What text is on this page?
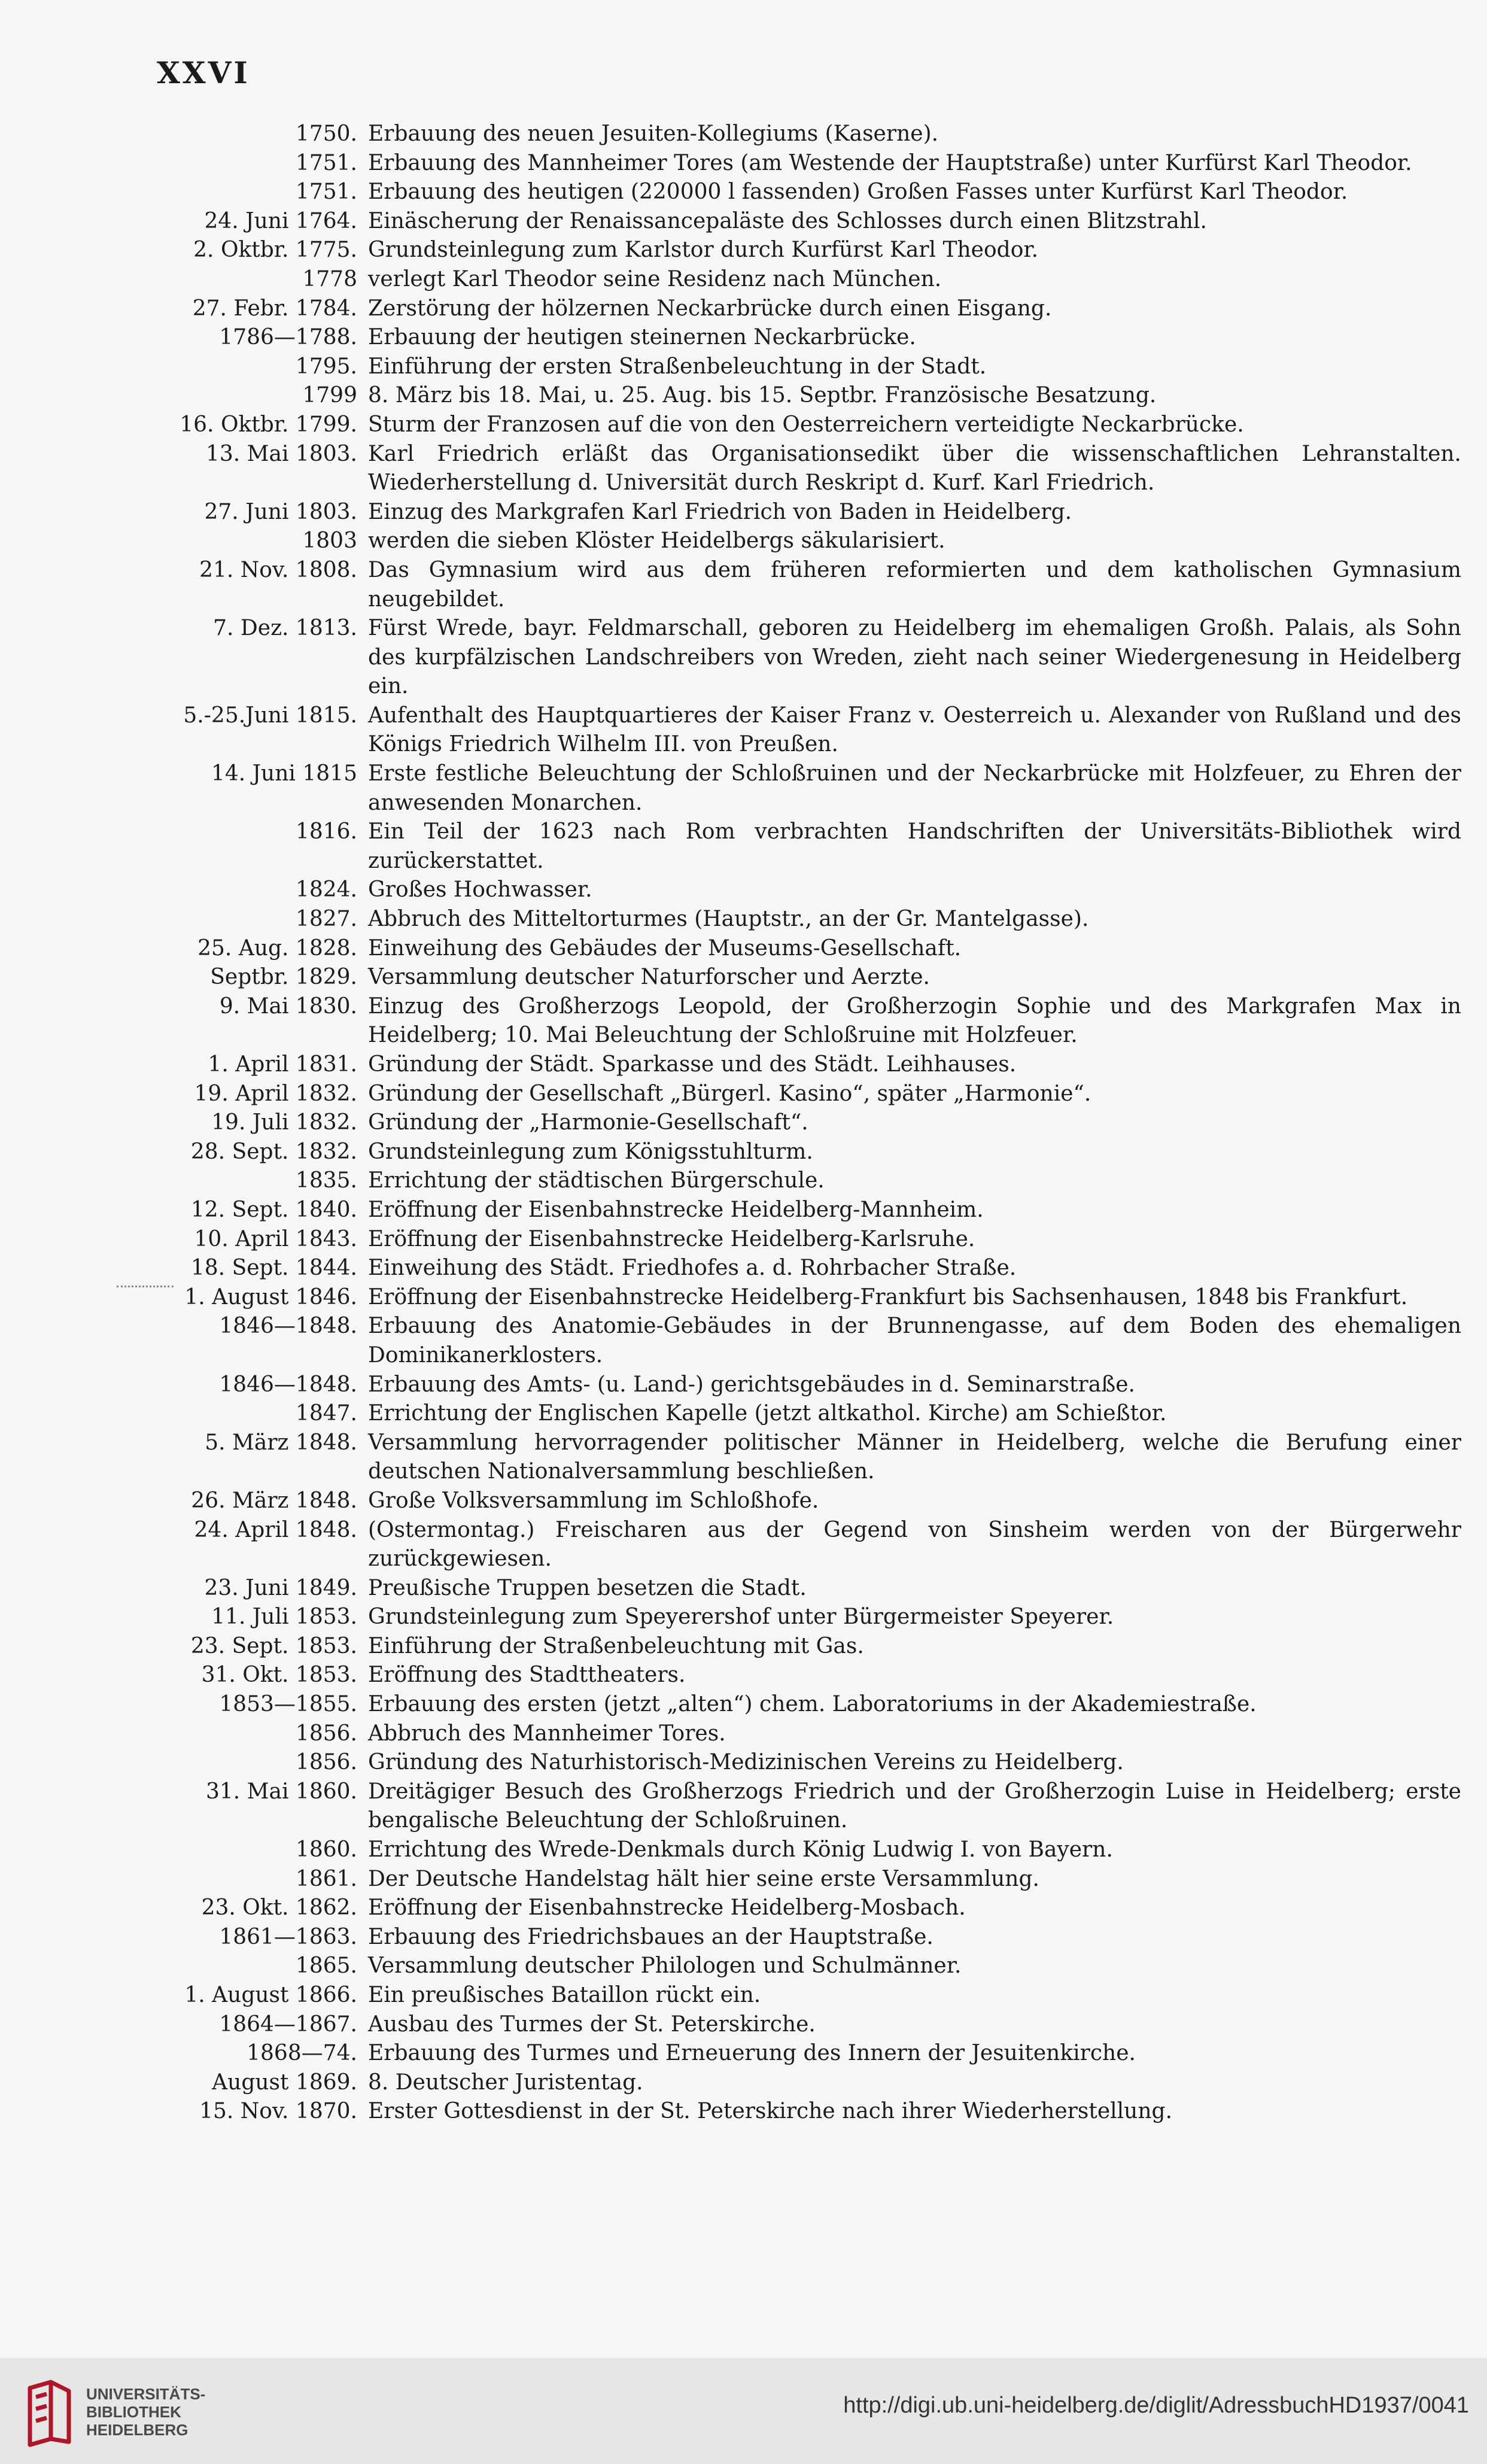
XXVI
1750. Erbauung des neuen Jesuiten-Kollegiums (Kaserne).
1751. Erbauung des Mannheimer Tores (am Westende der Hauptstraße) unter Kurfürst Karl Theodor.
1751. Erbauung des heutigen (220000 l fassenden) Großen Fasses unter Kurfürst Karl Theodor.
24. Juni 1764. Einäscherung der Renaissancepaläste des Schlosses durch einen Blitzstrahl.
2. Oktbr. 1775. Grundsteinlegung zum Karlstor durch Kurfürst Karl Theodor.
1778 verlegt Karl Theodor seine Residenz nach München.
27. Febr. 1784. Zerstörung der hölzernen Neckarbrücke durch einen Eisgang.
1786—1788. Erbauung der heutigen steinernen Neckarbrücke.
1795. Einführung der ersten Straßenbeleuchtung in der Stadt.
1799 8. März bis 18. Mai, u. 25. Aug. bis 15. Septbr. Französische Besatzung.
16. Oktbr. 1799. Sturm der Franzosen auf die von den Oesterreichern verteidigte Neckarbrücke.
13. Mai 1803. Karl Friedrich erläßt das Organisationsedikt über die wissenschaftlichen Lehranstalten. Wiederherstellung d. Universität durch Reskript d. Kurf. Karl Friedrich.
27. Juni 1803. Einzug des Markgrafen Karl Friedrich von Baden in Heidelberg.
1803 werden die sieben Klöster Heidelbergs säkularisiert.
21. Nov. 1808. Das Gymnasium wird aus dem früheren reformierten und dem katholischen Gymnasium neugebildet.
7. Dez. 1813. Fürst Wrede, bayr. Feldmarschall, geboren zu Heidelberg im ehemaligen Großh. Palais, als Sohn des kurpfälzischen Landschreibers von Wreden, zieht nach seiner Wiedergenesung in Heidelberg ein.
5.-25.Juni 1815. Aufenthalt des Hauptquartieres der Kaiser Franz v. Oesterreich u. Alexander von Rußland und des Königs Friedrich Wilhelm III. von Preußen.
14. Juni 1815 Erste festliche Beleuchtung der Schloßruinen und der Neckarbrücke mit Holzfeuer, zu Ehren der anwesenden Monarchen.
1816. Ein Teil der 1623 nach Rom verbrachten Handschriften der Universitäts-Bibliothek wird zurückerstattet.
1824. Großes Hochwasser.
1827. Abbruch des Mitteltorturmes (Hauptstr., an der Gr. Mantelgasse).
25. Aug. 1828. Einweihung des Gebäudes der Museums-Gesellschaft.
Septbr. 1829. Versammlung deutscher Naturforscher und Aerzte.
9. Mai 1830. Einzug des Großherzogs Leopold, der Großherzogin Sophie und des Markgrafen Max in Heidelberg; 10. Mai Beleuchtung der Schloßruine mit Holzfeuer.
1. April 1831. Gründung der Städt. Sparkasse und des Städt. Leihhauses.
19. April 1832. Gründung der Gesellschaft „Bürgerl. Kasino“, später „Harmonie“.
19. Juli 1832. Gründung der „Harmonie-Gesellschaft“.
28. Sept. 1832. Grundsteinlegung zum Königsstuhlturm.
1835. Errichtung der städtischen Bürgerschule.
12. Sept. 1840. Eröffnung der Eisenbahnstrecke Heidelberg-Mannheim.
10. April 1843. Eröffnung der Eisenbahnstrecke Heidelberg-Karlsruhe.
18. Sept. 1844. Einweihung des Städt. Friedhofes a. d. Rohrbacher Straße.
1. August 1846. Eröffnung der Eisenbahnstrecke Heidelberg-Frankfurt bis Sachsenhausen, 1848 bis Frankfurt.
1846—1848. Erbauung des Anatomie-Gebäudes in der Brunnengasse, auf dem Boden des ehemaligen Dominikanerklosters.
1846—1848. Erbauung des Amts- (u. Land-) gerichtsgebäudes in d. Seminarstraße.
1847. Errichtung der Englischen Kapelle (jetzt altkathol. Kirche) am Schießtor.
5. März 1848. Versammlung hervorragender politischer Männer in Heidelberg, welche die Berufung einer deutschen Nationalversammlung beschließen.
26. März 1848. Große Volksversammlung im Schloßhofe.
24. April 1848. (Ostermontag.) Freischaren aus der Gegend von Sinsheim werden von der Bürgerwehr zurückgewiesen.
23. Juni 1849. Preußische Truppen besetzen die Stadt.
11. Juli 1853. Grundsteinlegung zum Speyerershof unter Bürgermeister Speyerer.
23. Sept. 1853. Einführung der Straßenbeleuchtung mit Gas.
31. Okt. 1853. Eröffnung des Stadttheaters.
1853—1855. Erbauung des ersten (jetzt „alten“) chem. Laboratoriums in der Akademiestraße.
1856. Abbruch des Mannheimer Tores.
1856. Gründung des Naturhistorisch-Medizinischen Vereins zu Heidelberg.
31. Mai 1860. Dreitägiger Besuch des Großherzogs Friedrich und der Großherzogin Luise in Heidelberg; erste bengalische Beleuchtung der Schloßruinen.
1860. Errichtung des Wrede-Denkmals durch König Ludwig I. von Bayern.
1861. Der Deutsche Handelstag hält hier seine erste Versammlung.
23. Okt. 1862. Eröffnung der Eisenbahnstrecke Heidelberg-Mosbach.
1861—1863. Erbauung des Friedrichsbaues an der Hauptstraße.
1865. Versammlung deutscher Philologen und Schulmänner.
1. August 1866. Ein preußisches Bataillon rückt ein.
1864—1867. Ausbau des Turmes der St. Peterskirche.
1868—74. Erbauung des Turmes und Erneuerung des Innern der Jesuitenkirche.
August 1869. 8. Deutscher Juristentag.
15. Nov. 1870. Erster Gottesdienst in der St. Peterskirche nach ihrer Wiederherstellung.
UNIVERSITÄTS-
BIBLIOTHEK
HEIDELBERG
http://digi.ub.uni-heidelberg.de/diglit/AdressbuchHD1937/0041
